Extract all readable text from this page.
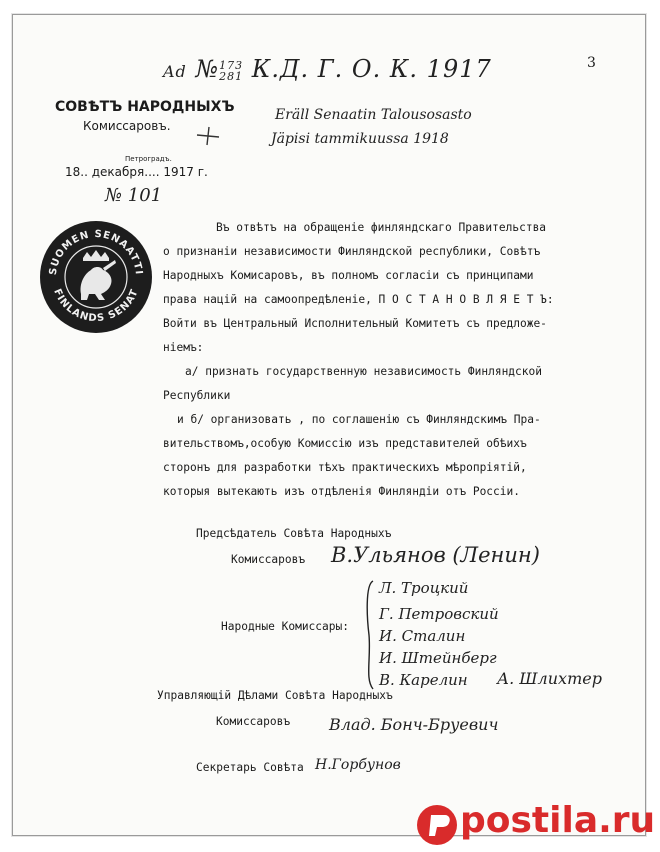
3
Ad №173
281 К.Д. Г. О. К. 1917
Eräll Senaatin Talousosasto
Jäpisi tammikuussa 1918
СОВѢТЪ НАРОДНЫХЪ
Комиссаровъ.
Петроградъ.
18.. декабря.... 1917 г.
№ 101
SUOMEN SENAATTI
FINLANDS SENAT
Въ отвѣтъ на обращеніе финляндскаго Правительства
о признаніи независимости Финляндской республики, Совѣтъ
Народныхъ Комисаровъ, въ полномъ согласіи съ принципами
права націй на самоопредѣленіе, П О С Т А Н О В Л Я Е Т Ъ:
Войти въ Центральный Исполнительный Комитетъ съ предложе-
ніемъ:
а/ признать государственную независимость Финляндской
Республики
и б/ организовать , по соглашенію съ Финляндскимъ Пра-
вительствомъ,особую Комиссію изъ представителей обѣихъ
сторонъ для разработки тѣхъ практическихъ мѣропріятій,
которыя вытекають изъ отдѣленія Финляндіи отъ Россіи.
Предсѣдатель Совѣта Народныхъ
Комиссаровъ В.Ульянов (Ленин)
Народные Комиссары:
Л. Троцкий
Г. Петровский
И. Сталин
И. Штейнберг
В. Карелин А. Шлихтер
Управляющій Дѣлами Совѣта Народныхъ
Комиссаровъ Влад. Бонч-Бруевич
Секретарь Совѣта Н.Горбунов
postila.ru
